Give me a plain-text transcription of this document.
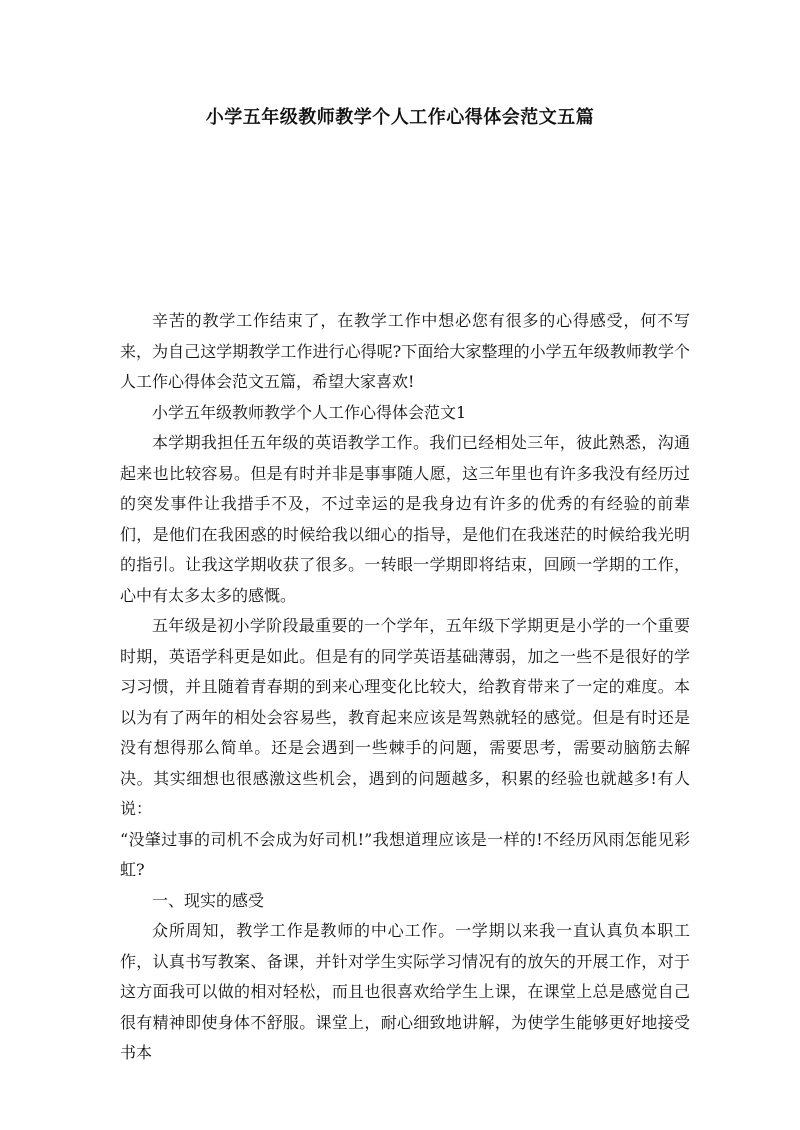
小学五年级教师教学个人工作心得体会范文五篇

辛苦的教学工作结束了，在教学工作中想必您有很多的心得感受，何不写来，为自己这学期教学工作进行心得呢?下面给大家整理的小学五年级教师教学个人工作心得体会范文五篇，希望大家喜欢!

小学五年级教师教学个人工作心得体会范文1

本学期我担任五年级的英语教学工作。我们已经相处三年，彼此熟悉，沟通起来也比较容易。但是有时并非是事事随人愿，这三年里也有许多我没有经历过的突发事件让我措手不及，不过幸运的是我身边有许多的优秀的有经验的前辈们，是他们在我困惑的时候给我以细心的指导，是他们在我迷茫的时候给我光明的指引。让我这学期收获了很多。一转眼一学期即将结束，回顾一学期的工作，心中有太多太多的感慨。

五年级是初小学阶段最重要的一个学年，五年级下学期更是小学的一个重要时期，英语学科更是如此。但是有的同学英语基础薄弱，加之一些不是很好的学习习惯，并且随着青春期的到来心理变化比较大，给教育带来了一定的难度。本以为有了两年的相处会容易些，教育起来应该是驾熟就轻的感觉。但是有时还是没有想得那么简单。还是会遇到一些棘手的问题，需要思考，需要动脑筋去解决。其实细想也很感激这些机会，遇到的问题越多，积累的经验也就越多!有人说：

“没肇过事的司机不会成为好司机!”我想道理应该是一样的!不经历风雨怎能见彩虹?

一、现实的感受

众所周知，教学工作是教师的中心工作。一学期以来我一直认真负本职工作，认真书写教案、备课，并针对学生实际学习情况有的放矢的开展工作，对于这方面我可以做的相对轻松，而且也很喜欢给学生上课，在课堂上总是感觉自己很有精神即使身体不舒服。课堂上，耐心细致地讲解，为使学生能够更好地接受书本
